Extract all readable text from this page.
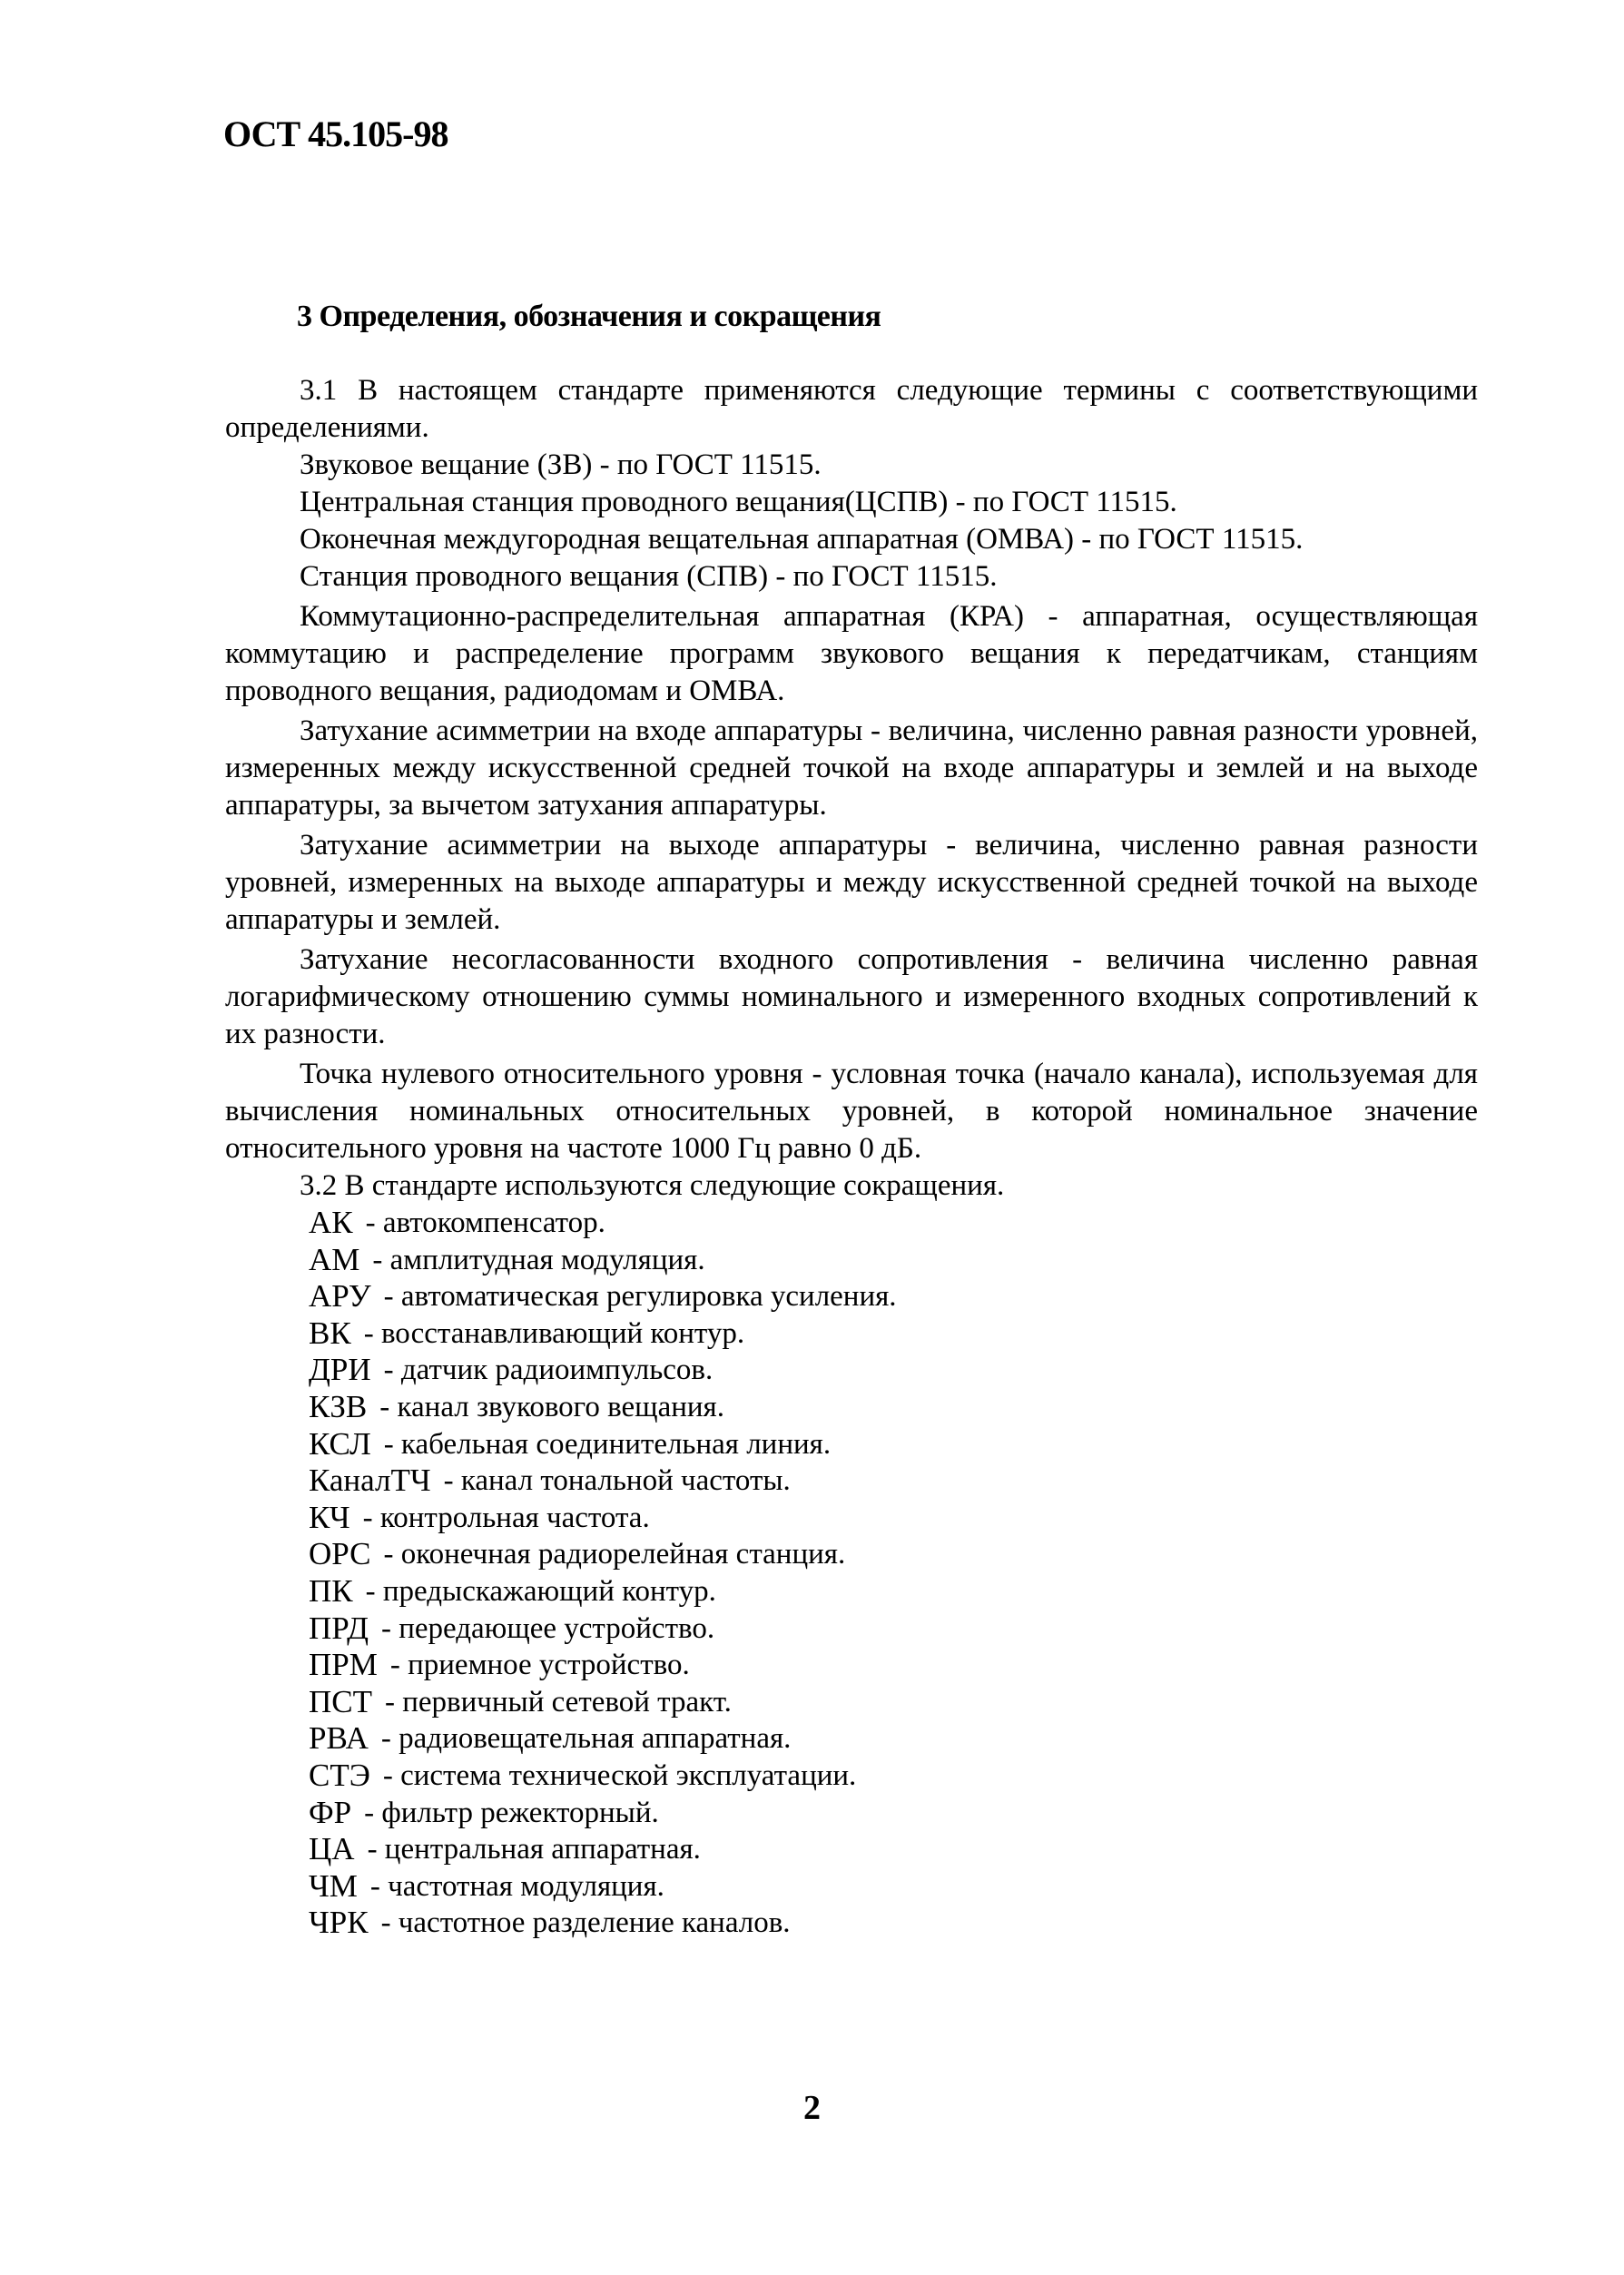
ОСТ 45.105-98
3 Определения, обозначения и сокращения

3.1 В настоящем стандарте применяются следующие термины с соответствующими определениями.

Звуковое вещание (ЗВ) - по ГОСТ 11515.

Центральная станция проводного вещания(ЦСПВ) - по ГОСТ 11515.

Оконечная междугородная вещательная аппаратная (ОМВА) - по ГОСТ 11515.

Станция проводного вещания (СПВ) - по ГОСТ 11515.

Коммутационно-распределительная аппаратная (КРА) - аппаратная, осуществляющая коммутацию и распределение программ звукового вещания к передатчикам, станциям проводного вещания, радиодомам и ОМВА.

Затухание асимметрии на входе аппаратуры - величина, численно равная разности уровней, измеренных между искусственной средней точкой на входе аппаратуры и землей и на выходе аппаратуры, за вычетом затухания аппаратуры.

Затухание асимметрии на выходе аппаратуры - величина, численно равная разности уровней, измеренных на выходе аппаратуры и между искусственной средней точкой на выходе аппаратуры и землей.

Затухание несогласованности входного сопротивления - величина численно равная логарифмическому отношению суммы номинального и измеренного входных сопротивлений к их разности.

Точка нулевого относительного уровня - условная точка (начало канала), используемая для вычисления номинальных относительных уровней, в которой номинальное значение относительного уровня на частоте 1000 Гц равно 0 дБ.

3.2 В стандарте используются следующие сокращения.

АК - автокомпенсатор.
АМ - амплитудная модуляция.
АРУ - автоматическая регулировка усиления.
ВК - восстанавливающий контур.
ДРИ - датчик радиоимпульсов.
КЗВ - канал звукового вещания.
КСЛ - кабельная соединительная линия.
КаналТЧ - канал тональной частоты.
КЧ - контрольная частота.
ОРС - оконечная радиорелейная станция.
ПК - предыскажающий контур.
ПРД - передающее устройство.
ПРМ - приемное устройство.
ПСТ - первичный сетевой тракт.
РВА - радиовещательная аппаратная.
СТЭ - система технической эксплуатации.
ФР - фильтр режекторный.
ЦА - центральная аппаратная.
ЧМ - частотная модуляция.
ЧРК - частотное разделение каналов.
2
